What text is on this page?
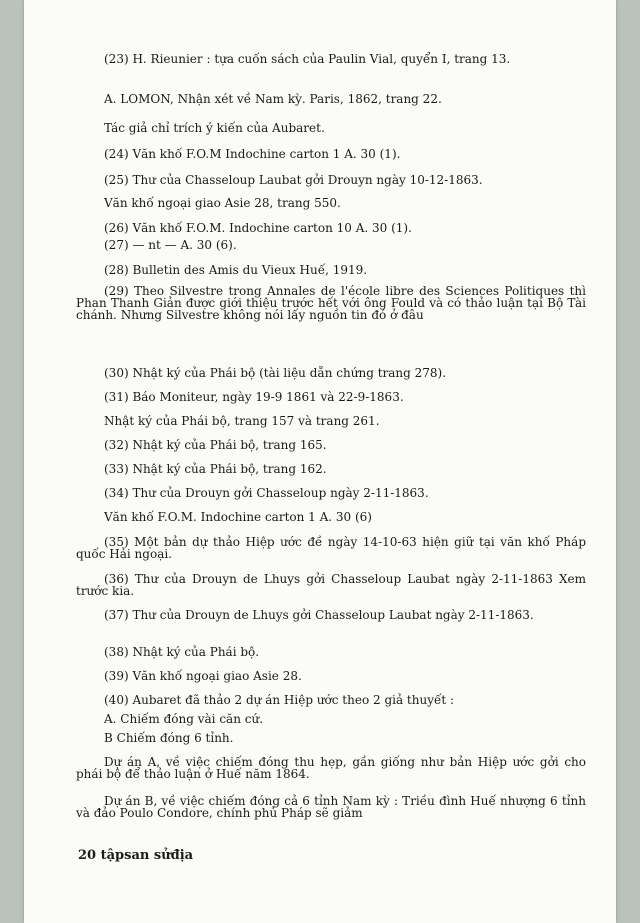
(23) H. Rieunier : tựa cuốn sách của Paulin Vial, quyển I, trang 13.

A. LOMON, Nhận xét về Nam kỳ. Paris, 1862, trang 22.

Tác giả chỉ trích ý kiến của Aubaret.

(24) Văn khố F.O.M Indochine carton 1 A. 30 (1).

(25) Thư của Chasseloup Laubat gởi Drouyn ngày 10-12-1863.

Văn khố ngoại giao Asie 28, trang 550.

(26) Văn khố F.O.M. Indochine carton 10 A. 30 (1).

(27) — nt — A. 30 (6).

(28) Bulletin des Amis du Vieux Huế, 1919.

(29) Theo Silvestre trong Annales de l'école libre des Sciences Politiques thì Phan Thanh Giản được giới thiệu trước hết với ông Fould và có thảo luận tại Bộ Tài chánh. Nhưng Silvestre không nói lấy nguồn tin đó ở đâu

(30) Nhật ký của Phái bộ (tài liệu dẫn chứng trang 278).

(31) Báo Moniteur, ngày 19-9 1861 và 22-9-1863.

Nhật ký của Phái bộ, trang 157 và trang 261.

(32) Nhật ký của Phái bộ, trang 165.

(33) Nhật ký của Phái bộ, trang 162.

(34) Thư của Drouyn gởi Chasseloup ngày 2-11-1863.

Văn khố F.O.M. Indochine carton 1 A. 30 (6)

(35) Một bản dự thảo Hiệp ước đề ngày 14-10-63 hiện giữ tại văn khố Pháp quốc Hải ngoại.

(36) Thư của Drouyn de Lhuys gởi Chasseloup Laubat ngày 2-11-1863 Xem trước kia.

(37) Thư của Drouyn de Lhuys gởi Chasseloup Laubat ngày 2-11-1863.

(38) Nhật ký của Phái bộ.

(39) Văn khố ngoại giao Asie 28.

(40) Aubaret đã thảo 2 dự án Hiệp ước theo 2 giả thuyết :

A. Chiếm đóng vài căn cứ.

B Chiếm đóng 6 tỉnh.

Dự án A, về việc chiếm đóng thu hẹp, gần giống như bản Hiệp ước gởi cho phái bộ để thảo luận ở Huế năm 1864.

Dự án B, về việc chiếm đóng cả 6 tỉnh Nam kỳ : Triều đình Huế nhượng 6 tỉnh và đảo Poulo Condore, chính phủ Pháp sẽ giảm

20 tậpsan sửđịa
